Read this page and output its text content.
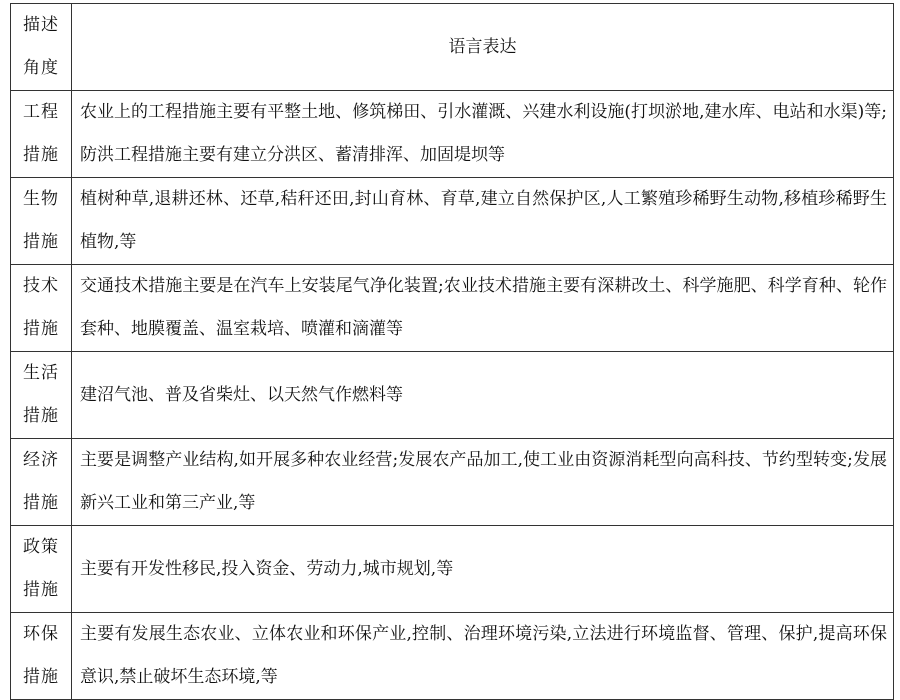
描述
角度	语言表达

工程
措施	农业上的工程措施主要有平整土地、修筑梯田、引水灌溉、兴建水利设施(打坝淤地,建水库、电站和水渠)等;防洪工程措施主要有建立分洪区、蓄清排浑、加固堤坝等

生物
措施	植树种草,退耕还林、还草,秸秆还田,封山育林、育草,建立自然保护区,人工繁殖珍稀野生动物,移植珍稀野生植物,等

技术
措施	交通技术措施主要是在汽车上安装尾气净化装置;农业技术措施主要有深耕改土、科学施肥、科学育种、轮作套种、地膜覆盖、温室栽培、喷灌和滴灌等

生活
措施	建沼气池、普及省柴灶、以天然气作燃料等

经济
措施	主要是调整产业结构,如开展多种农业经营;发展农产品加工,使工业由资源消耗型向高科技、节约型转变;发展新兴工业和第三产业,等

政策
措施	主要有开发性移民,投入资金、劳动力,城市规划,等

环保
措施	主要有发展生态农业、立体农业和环保产业,控制、治理环境污染,立法进行环境监督、管理、保护,提高环保意识,禁止破坏生态环境,等
